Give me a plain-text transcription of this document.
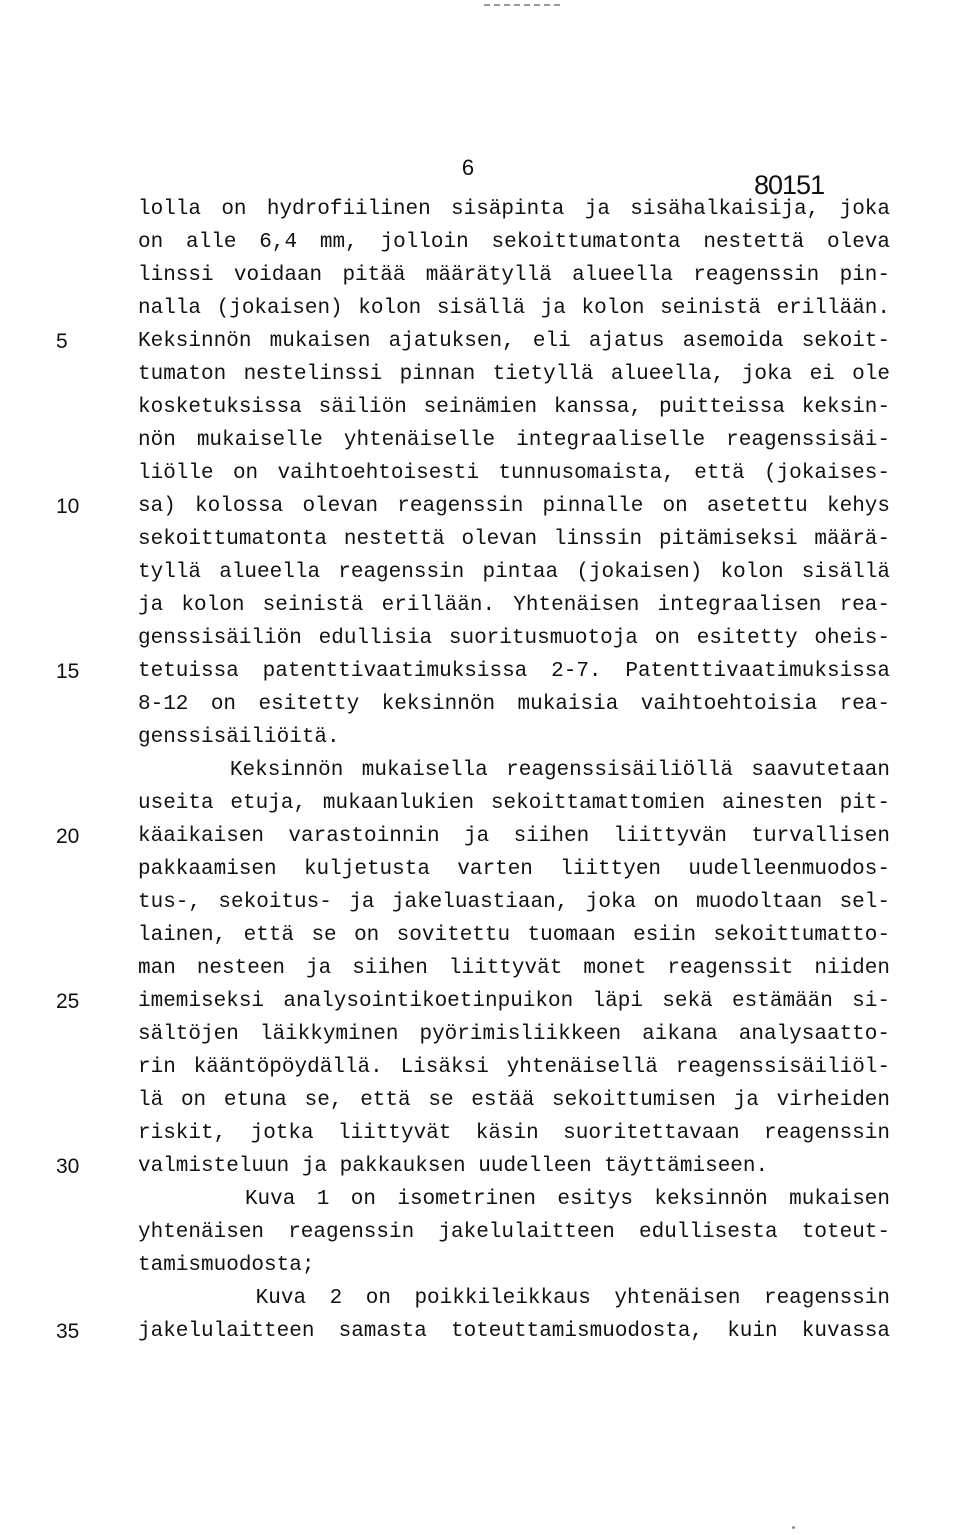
6
80151
5
10
15
20
25
30
35
lolla on hydrofiilinen sisäpinta ja sisähalkaisija, joka
on alle 6,4 mm, jolloin sekoittumatonta nestettä oleva
linssi voidaan pitää määrätyllä alueella reagenssin pin-
nalla (jokaisen) kolon sisällä ja kolon seinistä erillään.
Keksinnön mukaisen ajatuksen, eli ajatus asemoida sekoit-
tumaton nestelinssi pinnan tietyllä alueella, joka ei ole
kosketuksissa säiliön seinämien kanssa, puitteissa keksin-
nön mukaiselle yhtenäiselle integraaliselle reagenssisäi-
liölle on vaihtoehtoisesti tunnusomaista, että (jokaises-
sa) kolossa olevan reagenssin pinnalle on asetettu kehys
sekoittumatonta nestettä olevan linssin pitämiseksi määrä-
tyllä alueella reagenssin pintaa (jokaisen) kolon sisällä
ja kolon seinistä erillään. Yhtenäisen integraalisen rea-
genssisäiliön edullisia suoritusmuotoja on esitetty oheis-
tetuissa patenttivaatimuksissa 2-7. Patenttivaatimuksissa
8-12 on esitetty keksinnön mukaisia vaihtoehtoisia rea-
genssisäiliöitä.
Keksinnön mukaisella reagenssisäiliöllä saavutetaan
useita etuja, mukaanlukien sekoittamattomien ainesten pit-
käaikaisen varastoinnin ja siihen liittyvän turvallisen
pakkaamisen kuljetusta varten liittyen uudelleenmuodos-
tus-, sekoitus- ja jakeluastiaan, joka on muodoltaan sel-
lainen, että se on sovitettu tuomaan esiin sekoittumatto-
man nesteen ja siihen liittyvät monet reagenssit niiden
imemiseksi analysointikoetinpuikon läpi sekä estämään si-
sältöjen läikkyminen pyörimisliikkeen aikana analysaatto-
rin kääntöpöydällä. Lisäksi yhtenäisellä reagenssisäiliöl-
lä on etuna se, että se estää sekoittumisen ja virheiden
riskit, jotka liittyvät käsin suoritettavaan reagenssin
valmisteluun ja pakkauksen uudelleen täyttämiseen.
Kuva 1 on isometrinen esitys keksinnön mukaisen
yhtenäisen reagenssin jakelulaitteen edullisesta toteut-
tamismuodosta;
Kuva 2 on poikkileikkaus yhtenäisen reagenssin
jakelulaitteen samasta toteuttamismuodosta, kuin kuvassa
